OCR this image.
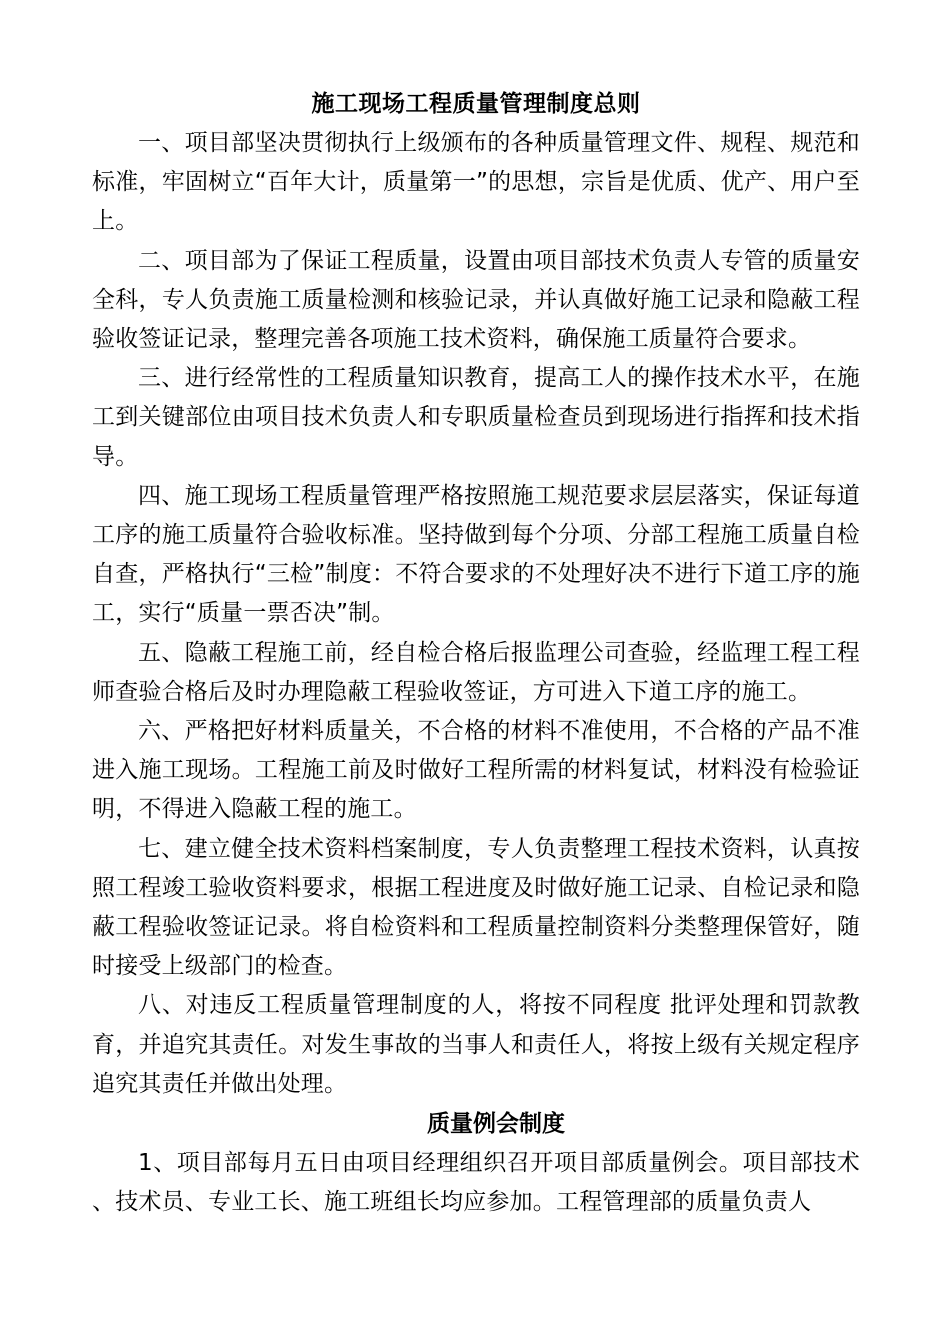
施工现场工程质量管理制度总则

一、项目部坚决贯彻执行上级颁布的各种质量管理文件、规程、规范和标准，牢固树立“百年大计，质量第一”的思想，宗旨是优质、优产、用户至上。

二、项目部为了保证工程质量，设置由项目部技术负责人专管的质量安全科，专人负责施工质量检测和核验记录，并认真做好施工记录和隐蔽工程验收签证记录，整理完善各项施工技术资料，确保施工质量符合要求。

三、进行经常性的工程质量知识教育，提高工人的操作技术水平，在施工到关键部位由项目技术负责人和专职质量检查员到现场进行指挥和技术指导。

四、施工现场工程质量管理严格按照施工规范要求层层落实，保证每道工序的施工质量符合验收标准。坚持做到每个分项、分部工程施工质量自检自查，严格执行“三检”制度：不符合要求的不处理好决不进行下道工序的施工，实行“质量一票否决”制。

五、隐蔽工程施工前，经自检合格后报监理公司查验，经监理工程工程师查验合格后及时办理隐蔽工程验收签证，方可进入下道工序的施工。

六、严格把好材料质量关，不合格的材料不准使用，不合格的产品不准进入施工现场。工程施工前及时做好工程所需的材料复试，材料没有检验证明，不得进入隐蔽工程的施工。

七、建立健全技术资料档案制度，专人负责整理工程技术资料，认真按照工程竣工验收资料要求，根据工程进度及时做好施工记录、自检记录和隐蔽工程验收签证记录。将自检资料和工程质量控制资料分类整理保管好，随时接受上级部门的检查。

八、对违反工程质量管理制度的人，将按不同程度 批评处理和罚款教育，并追究其责任。对发生事故的当事人和责任人，将按上级有关规定程序追究其责任并做出处理。

质量例会制度

1、项目部每月五日由项目经理组织召开项目部质量例会。项目部技术 、技术员、专业工长、施工班组长均应参加。工程管理部的质量负责人
